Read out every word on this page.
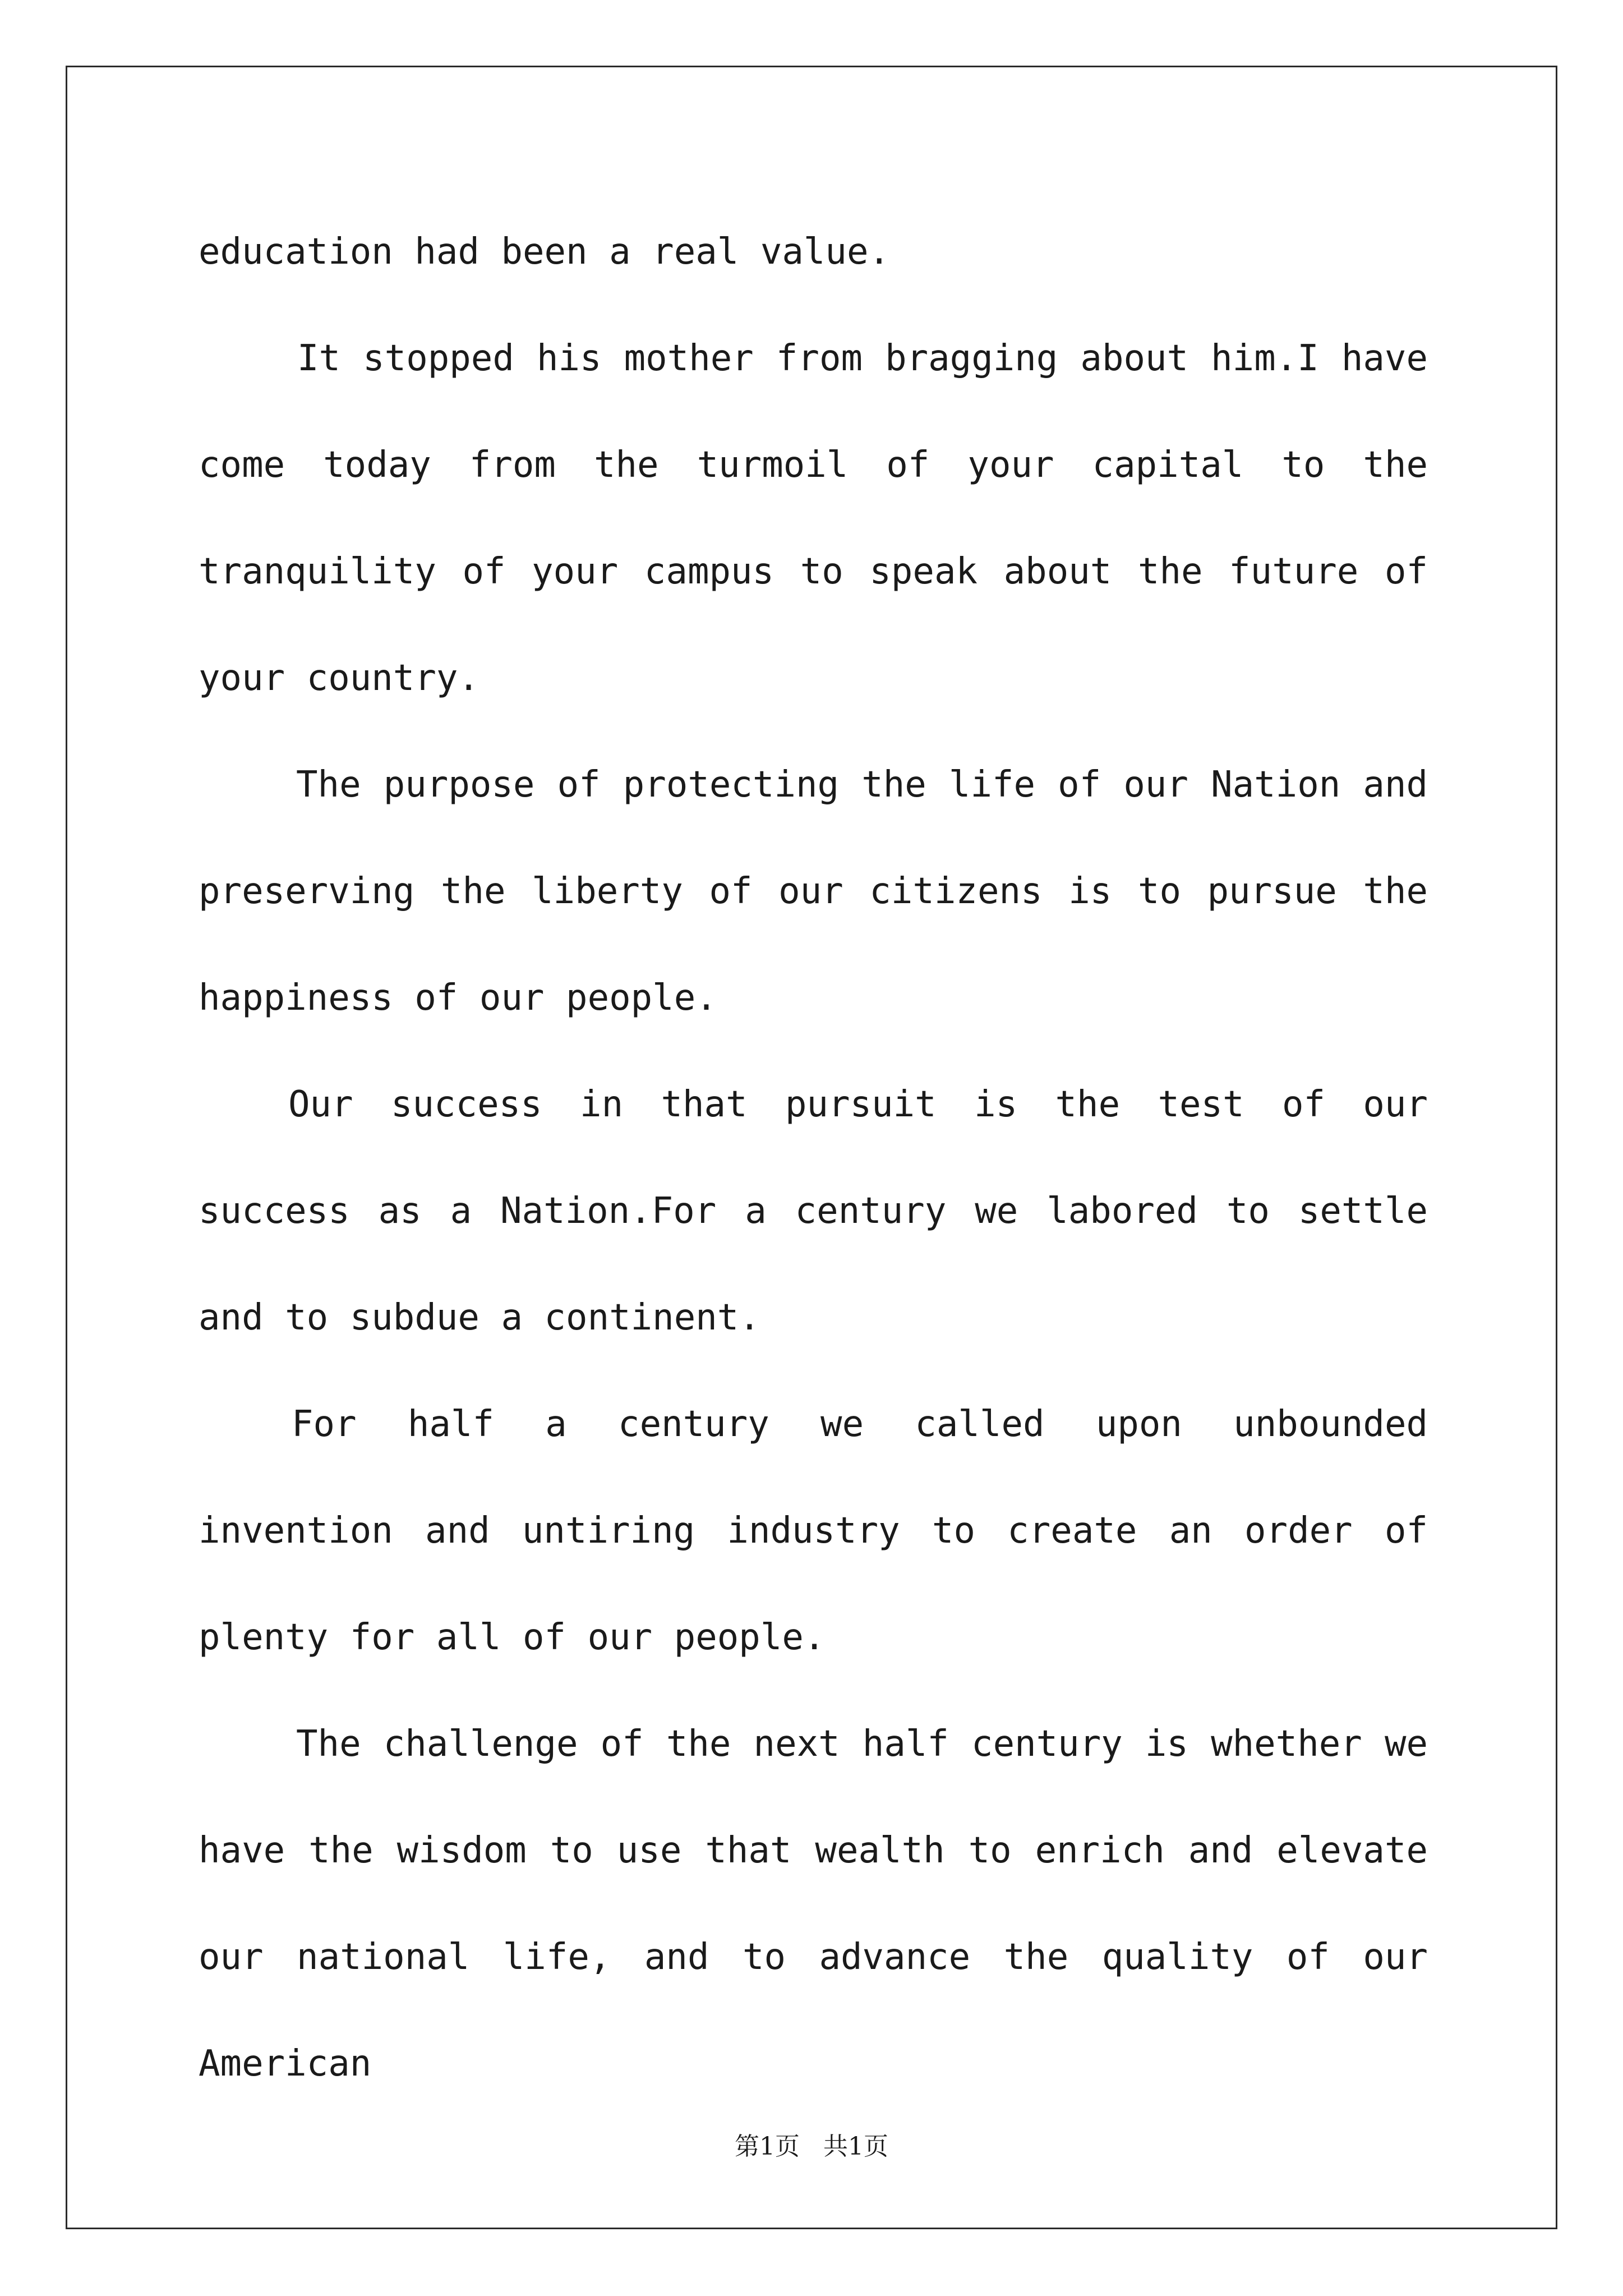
education had been a real value.

It stopped his mother from bragging about him.I have come today from the turmoil of your capital to the tranquility of your campus to speak about the future of your country.

The purpose of protecting the life of our Nation and preserving the liberty of our citizens is to pursue the happiness of our people.

Our success in that pursuit is the test of our success as a Nation.For a century we labored to settle and to subdue a continent.

For half a century we called upon unbounded invention and untiring industry to create an order of plenty for all of our people.

The challenge of the next half century is whether we have the wisdom to use that wealth to enrich and elevate our national life, and to advance the quality of our American

第1页   共1页
